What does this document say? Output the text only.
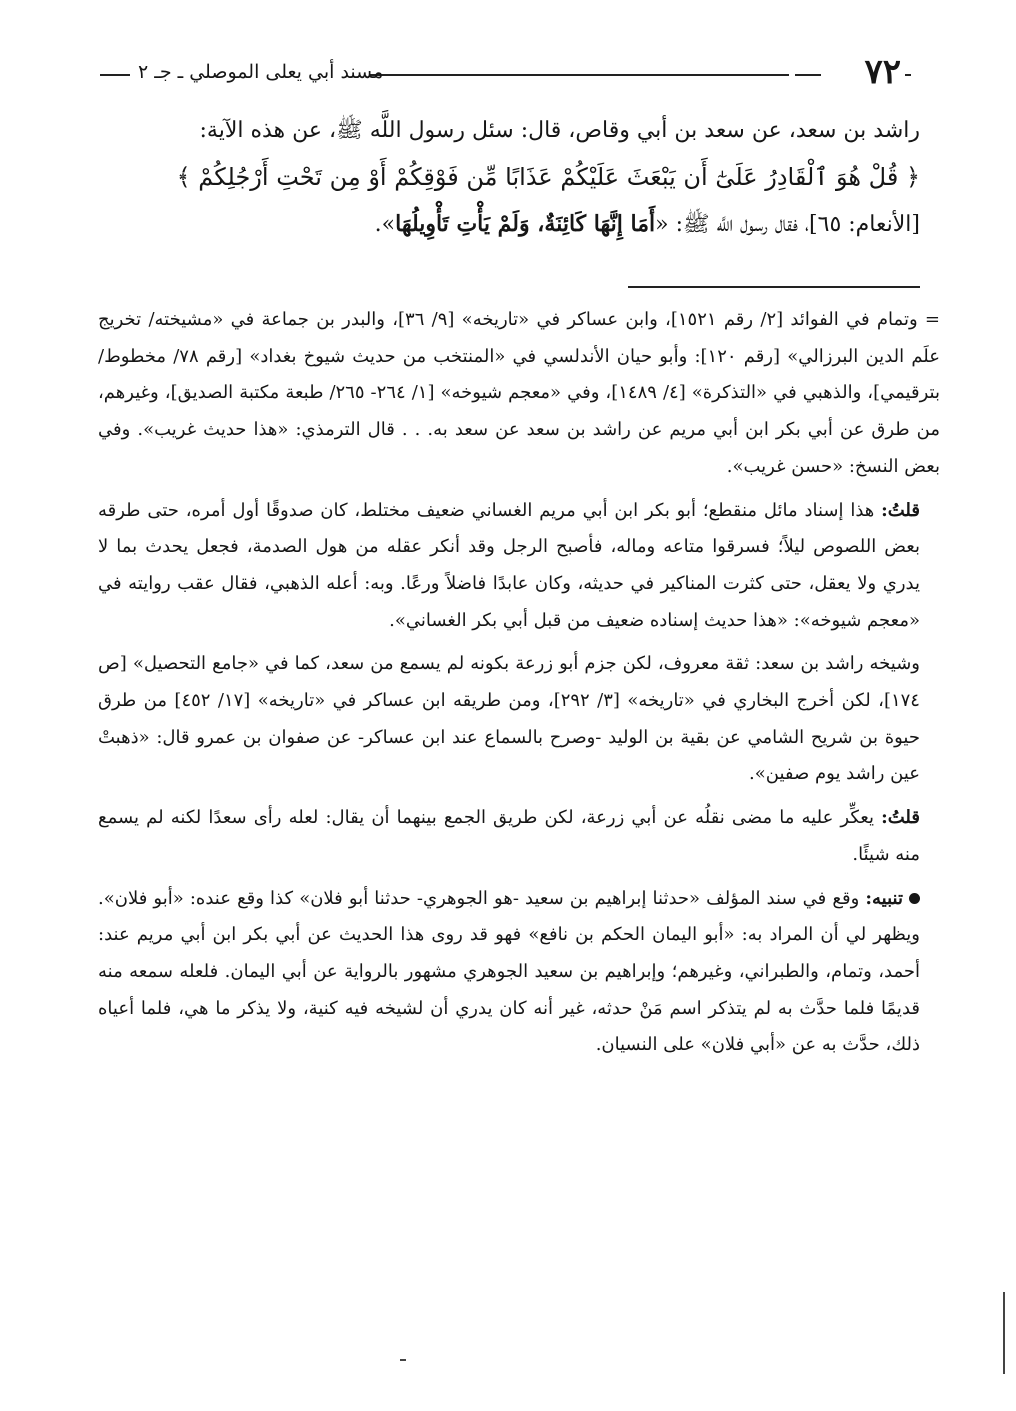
٧٢
مسند أبي يعلى الموصلي ـ جـ ٢

راشد بن سعد، عن سعد بن أبي وقاص، قال: سئل رسول اللَّه ﷺ، عن هذه الآية:

﴿ قُلْ هُوَ ٱلْقَادِرُ عَلَىٰٓ أَن يَبْعَثَ عَلَيْكُمْ عَذَابًا مِّن فَوْقِكُمْ أَوْ مِن تَحْتِ أَرْجُلِكُمْ ﴾

[الأنعام: ٦٥]، فقال رسول اللَّه ﷺ: «أَمَا إِنَّهَا كَائِنَةٌ، وَلَمْ يَأْتِ تَأْوِيلُهَا».

= وتمام في الفوائد [٢/ رقم ١٥٢١]، وابن عساكر في «تاريخه» [٩/ ٣٦]، والبدر بن جماعة في «مشيخته/ تخريج علَم الدين البرزالي» [رقم ١٢٠]: وأبو حيان الأندلسي في «المنتخب من حديث شيوخ بغداد» [رقم ٧٨/ مخطوط/ بترقيمي]، والذهبي في «التذكرة» [٤/ ١٤٨٩]، وفي «معجم شيوخه» [١/ ٢٦٤- ٢٦٥/ طبعة مكتبة الصديق]، وغيرهم، من طرق عن أبي بكر ابن أبي مريم عن راشد بن سعد عن سعد به. . . قال الترمذي: «هذا حديث غريب». وفي بعض النسخ: «حسن غريب».

قلتُ: هذا إسناد مائل منقطع؛ أبو بكر ابن أبي مريم الغساني ضعيف مختلط، كان صدوقًا أول أمره، حتى طرقه بعض اللصوص ليلاً؛ فسرقوا متاعه وماله، فأصبح الرجل وقد أنكر عقله من هول الصدمة، فجعل يحدث بما لا يدري ولا يعقل، حتى كثرت المناكير في حديثه، وكان عابدًا فاضلاً ورعًا. وبه: أعله الذهبي، فقال عقب روايته في «معجم شيوخه»: «هذا حديث إسناده ضعيف من قبل أبي بكر الغساني».

وشيخه راشد بن سعد: ثقة معروف، لكن جزم أبو زرعة بكونه لم يسمع من سعد، كما في «جامع التحصيل» [ص ١٧٤]، لكن أخرج البخاري في «تاريخه» [٣/ ٢٩٢]، ومن طريقه ابن عساكر في «تاريخه» [١٧/ ٤٥٢] من طرق حيوة بن شريح الشامي عن بقية بن الوليد -وصرح بالسماع عند ابن عساكر- عن صفوان بن عمرو قال: «ذهبتْ عين راشد يوم صفين».

قلتُ: يعكِّر عليه ما مضى نقلُه عن أبي زرعة، لكن طريق الجمع بينهما أن يقال: لعله رأى سعدًا لكنه لم يسمع منه شيئًا.

تنبيه: وقع في سند المؤلف «حدثنا إبراهيم بن سعيد -هو الجوهري- حدثنا أبو فلان» كذا وقع عنده: «أبو فلان». ويظهر لي أن المراد به: «أبو اليمان الحكم بن نافع» فهو قد روى هذا الحديث عن أبي بكر ابن أبي مريم عند: أحمد، وتمام، والطبراني، وغيرهم؛ وإبراهيم بن سعيد الجوهري مشهور بالرواية عن أبي اليمان. فلعله سمعه منه قديمًا فلما حدَّث به لم يتذكر اسم مَنْ حدثه، غير أنه كان يدري أن لشيخه فيه كنية، ولا يذكر ما هي، فلما أعياه ذلك، حدَّث به عن «أبي فلان» على النسيان.
